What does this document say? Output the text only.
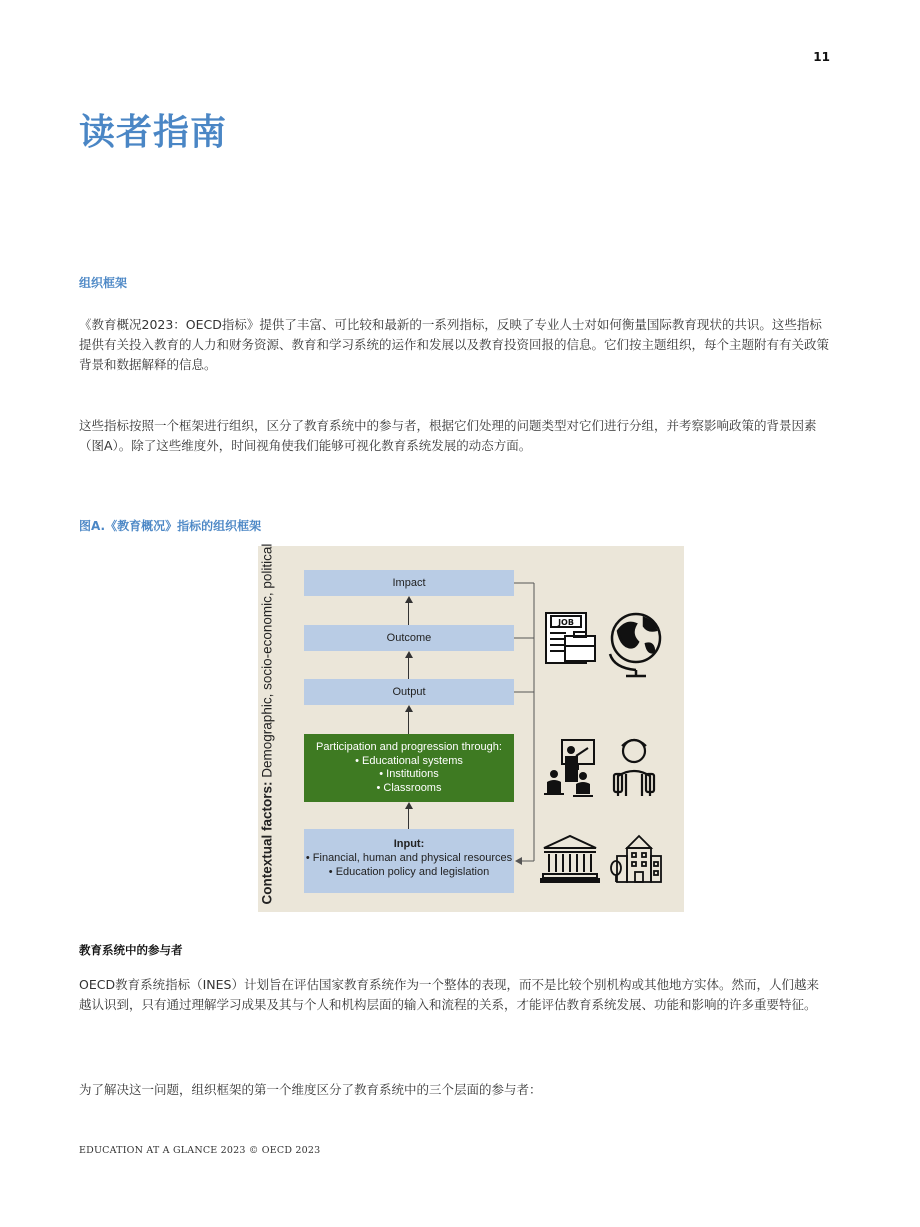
11
读者指南
组织框架
《教育概况2023：OECD指标》提供了丰富、可比较和最新的一系列指标，反映了专业人士对如何衡量国际教育现状的共识。这些指标提供有关投入教育的人力和财务资源、教育和学习系统的运作和发展以及教育投资回报的信息。它们按主题组织，每个主题附有有关政策背景和数据解释的信息。
这些指标按照一个框架进行组织，区分了教育系统中的参与者，根据它们处理的问题类型对它们进行分组，并考察影响政策的背景因素（图A）。除了这些维度外，时间视角使我们能够可视化教育系统发展的动态方面。
图A.《教育概况》指标的组织框架
Contextual factors: Demographic, socio-economic, political	Impact
Outcome
Output
Participation and progression through:
• Educational systems
• Institutions
• Classrooms
Input:
• Financial, human and physical resources
• Education policy and legislation
JOB
教育系统中的参与者
OECD教育系统指标（INES）计划旨在评估国家教育系统作为一个整体的表现，而不是比较个别机构或其他地方实体。然而，人们越来越认识到，只有通过理解学习成果及其与个人和机构层面的输入和流程的关系，才能评估教育系统发展、功能和影响的许多重要特征。
为了解决这一问题，组织框架的第一个维度区分了教育系统中的三个层面的参与者：
EDUCATION AT A GLANCE 2023 © OECD 2023
